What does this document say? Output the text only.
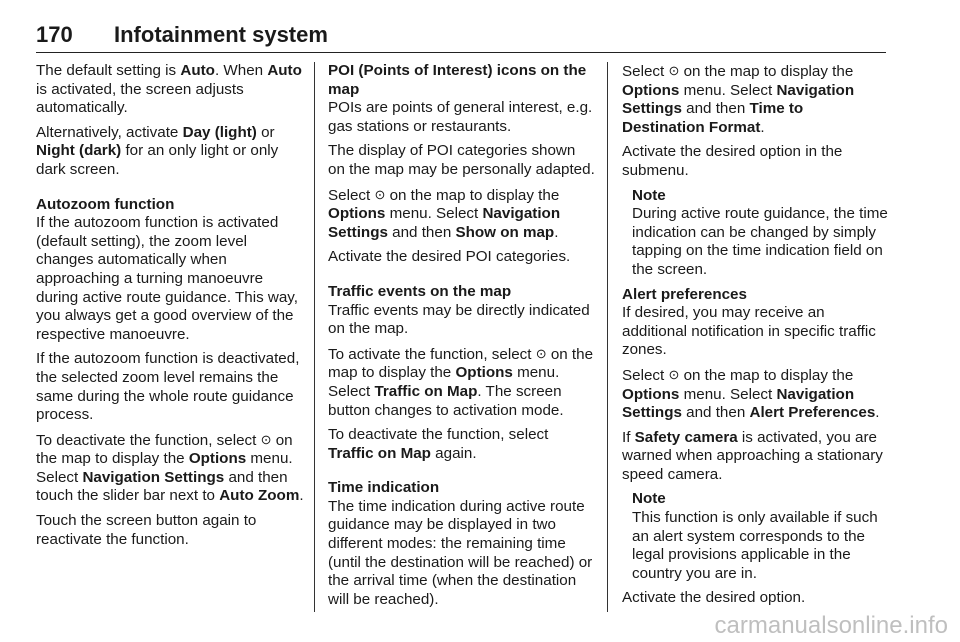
170 Infotainment system

The default setting is Auto. When Auto is activated, the screen adjusts automatically.

Alternatively, activate Day (light) or Night (dark) for an only light or only dark screen.

Autozoom function

If the autozoom function is activated (default setting), the zoom level changes automatically when approaching a turning manoeuvre during active route guidance. This way, you always get a good overview of the respective manoeuvre.

If the autozoom function is deactivated, the selected zoom level remains the same during the whole route guidance process.

To deactivate the function, select ⊙ on the map to display the Options menu. Select Navigation Settings and then touch the slider bar next to Auto Zoom.

Touch the screen button again to reactivate the function.

POI (Points of Interest) icons on the map

POIs are points of general interest, e.g. gas stations or restaurants.

The display of POI categories shown on the map may be personally adapted.

Select ⊙ on the map to display the Options menu. Select Navigation Settings and then Show on map.

Activate the desired POI categories.

Traffic events on the map

Traffic events may be directly indicated on the map.

To activate the function, select ⊙ on the map to display the Options menu. Select Traffic on Map. The screen button changes to activation mode.

To deactivate the function, select Traffic on Map again.

Time indication

The time indication during active route guidance may be displayed in two different modes: the remaining time (until the destination will be reached) or the arrival time (when the destination will be reached).

Select ⊙ on the map to display the Options menu. Select Navigation Settings and then Time to Destination Format.

Activate the desired option in the submenu.

Note

During active route guidance, the time indication can be changed by simply tapping on the time indication field on the screen.

Alert preferences

If desired, you may receive an additional notification in specific traffic zones.

Select ⊙ on the map to display the Options menu. Select Navigation Settings and then Alert Preferences.

If Safety camera is activated, you are warned when approaching a stationary speed camera.

Note

This function is only available if such an alert system corresponds to the legal provisions applicable in the country you are in.

Activate the desired option.

carmanualsonline.info
